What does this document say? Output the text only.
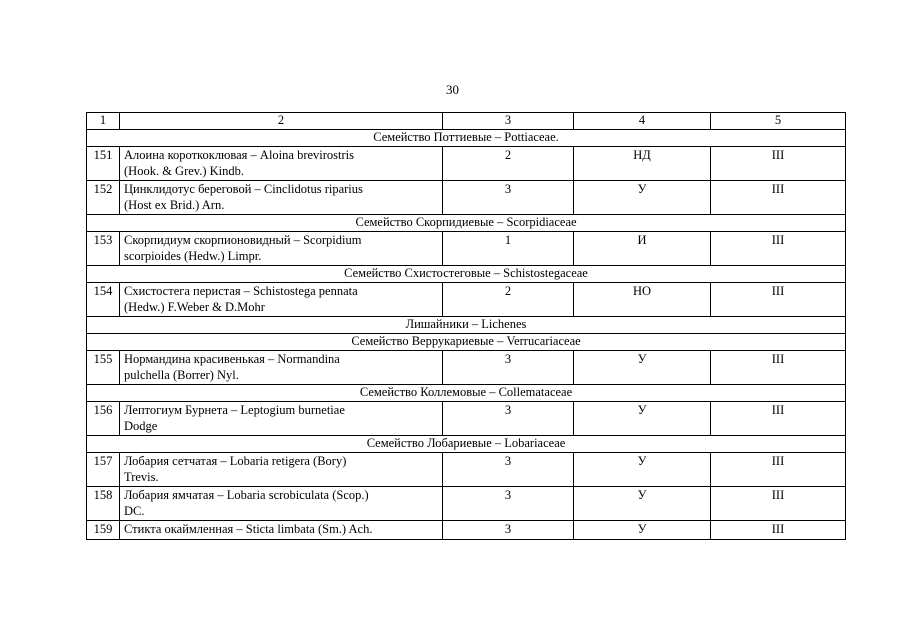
30
1	2	3	4	5
Семейство Поттиевые – Pottiaceae.				
151	Алоина короткоклювая – Aloina brevirostris
(Hook. & Grev.) Kindb.	2	НД	III
152	Цинклидотус береговой – Cinclidotus riparius
(Host ex Brid.) Arn.	3	У	III
Семейство Скорпидиевые – Scorpidiaceae				
153	Скорпидиум скорпионовидный – Scorpidium
scorpioides (Hedw.) Limpr.	1	И	III
Семейство Схистостеговые – Schistostegaceae				
154	Схистостега перистая – Schistostega pennata
(Hedw.) F.Weber & D.Mohr	2	НО	III
Лишайники – Lichenes				
Семейство Веррукариевые – Verrucariaceae				
155	Нормандина красивенькая – Normandina
pulchella (Borrer) Nyl.	3	У	III
Семейство Коллемовые – Collemataceae				
156	Лептогиум Бурнета – Leptogium burnetiae
Dodge	3	У	III
Семейство Лобариевые – Lobariaceae				
157	Лобария сетчатая – Lobaria retigera (Bory)
Trevis.	3	У	III
158	Лобария ямчатая – Lobaria scrobiculata (Scop.)
DC.	3	У	III
159	Стикта окаймленная – Sticta limbata (Sm.) Ach.	3	У	III
